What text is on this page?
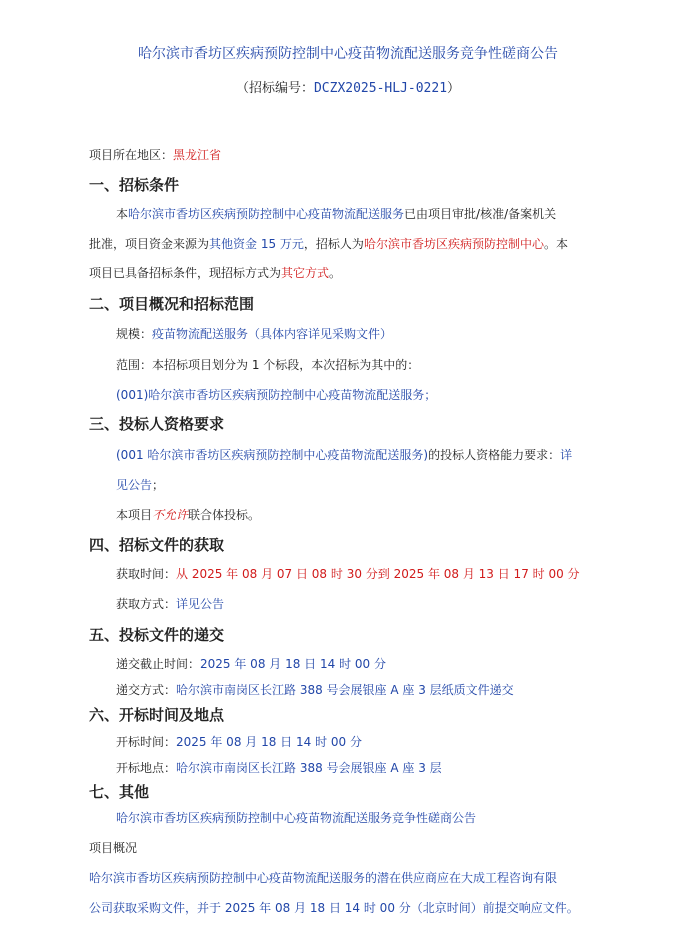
哈尔滨市香坊区疾病预防控制中心疫苗物流配送服务竞争性磋商公告
（招标编号：DCZX2025-HLJ-0221）
项目所在地区：黑龙江省
一、招标条件
本哈尔滨市香坊区疾病预防控制中心疫苗物流配送服务已由项目审批/核准/备案机关
批准，项目资金来源为其他资金 15 万元，招标人为哈尔滨市香坊区疾病预防控制中心。本
项目已具备招标条件，现招标方式为其它方式。
二、项目概况和招标范围
规模：疫苗物流配送服务（具体内容详见采购文件）
范围：本招标项目划分为 1 个标段，本次招标为其中的：
(001)哈尔滨市香坊区疾病预防控制中心疫苗物流配送服务；
三、投标人资格要求
(001 哈尔滨市香坊区疾病预防控制中心疫苗物流配送服务)的投标人资格能力要求：详
见公告；
本项目不允许联合体投标。
四、招标文件的获取
获取时间：从 2025 年 08 月 07 日 08 时 30 分到 2025 年 08 月 13 日 17 时 00 分
获取方式：详见公告
五、投标文件的递交
递交截止时间：2025 年 08 月 18 日 14 时 00 分
递交方式：哈尔滨市南岗区长江路 388 号会展银座 A 座 3 层纸质文件递交
六、开标时间及地点
开标时间：2025 年 08 月 18 日 14 时 00 分
开标地点：哈尔滨市南岗区长江路 388 号会展银座 A 座 3 层
七、其他
哈尔滨市香坊区疾病预防控制中心疫苗物流配送服务竞争性磋商公告
项目概况
哈尔滨市香坊区疾病预防控制中心疫苗物流配送服务的潜在供应商应在大成工程咨询有限
公司获取采购文件，并于 2025 年 08 月 18 日 14 时 00 分（北京时间）前提交响应文件。
